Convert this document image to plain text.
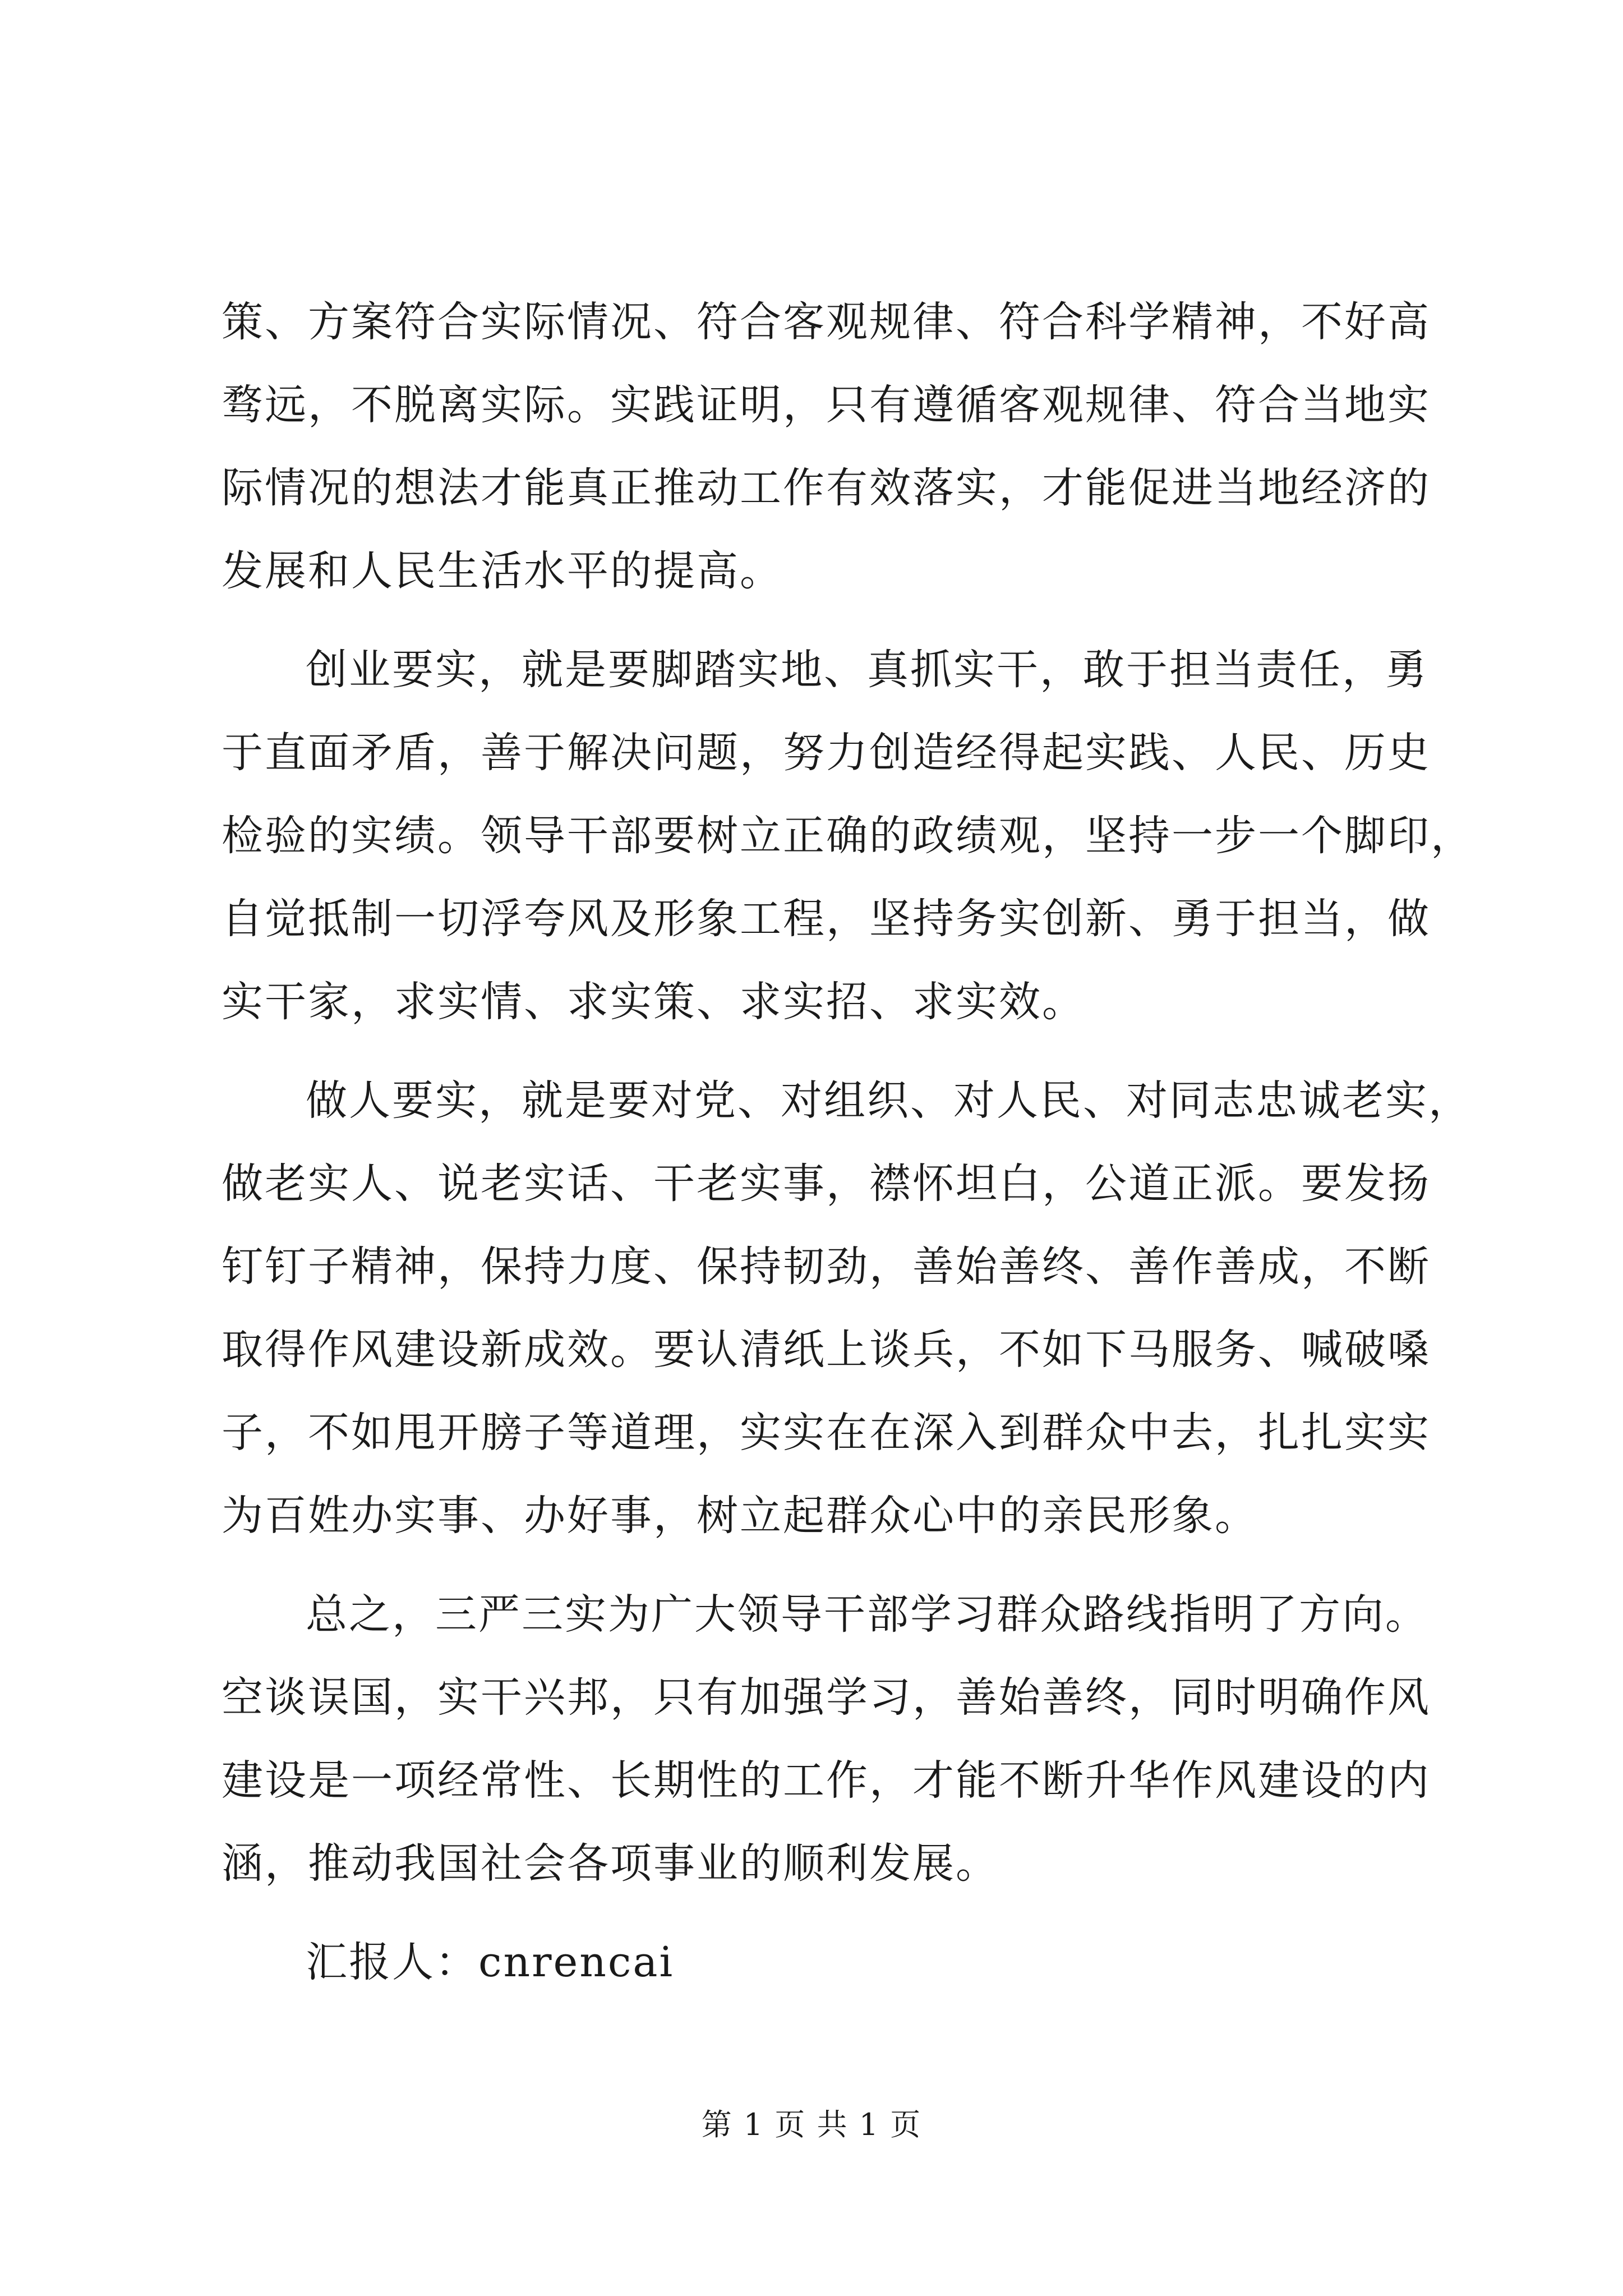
策、方案符合实际情况、符合客观规律、符合科学精神，不好高
骛远，不脱离实际。实践证明，只有遵循客观规律、符合当地实
际情况的想法才能真正推动工作有效落实，才能促进当地经济的
发展和人民生活水平的提高。
创业要实，就是要脚踏实地、真抓实干，敢于担当责任，勇
于直面矛盾，善于解决问题，努力创造经得起实践、人民、历史
检验的实绩。领导干部要树立正确的政绩观，坚持一步一个脚印，
自觉抵制一切浮夸风及形象工程，坚持务实创新、勇于担当，做
实干家，求实情、求实策、求实招、求实效。
做人要实，就是要对党、对组织、对人民、对同志忠诚老实，
做老实人、说老实话、干老实事，襟怀坦白，公道正派。要发扬
钉钉子精神，保持力度、保持韧劲，善始善终、善作善成，不断
取得作风建设新成效。要认清纸上谈兵，不如下马服务、喊破嗓
子，不如甩开膀子等道理，实实在在深入到群众中去，扎扎实实
为百姓办实事、办好事，树立起群众心中的亲民形象。
总之，三严三实为广大领导干部学习群众路线指明了方向。
空谈误国，实干兴邦，只有加强学习，善始善终，同时明确作风
建设是一项经常性、长期性的工作，才能不断升华作风建设的内
涵，推动我国社会各项事业的顺利发展。
汇报人：cnrencai
第 1 页 共 1 页
